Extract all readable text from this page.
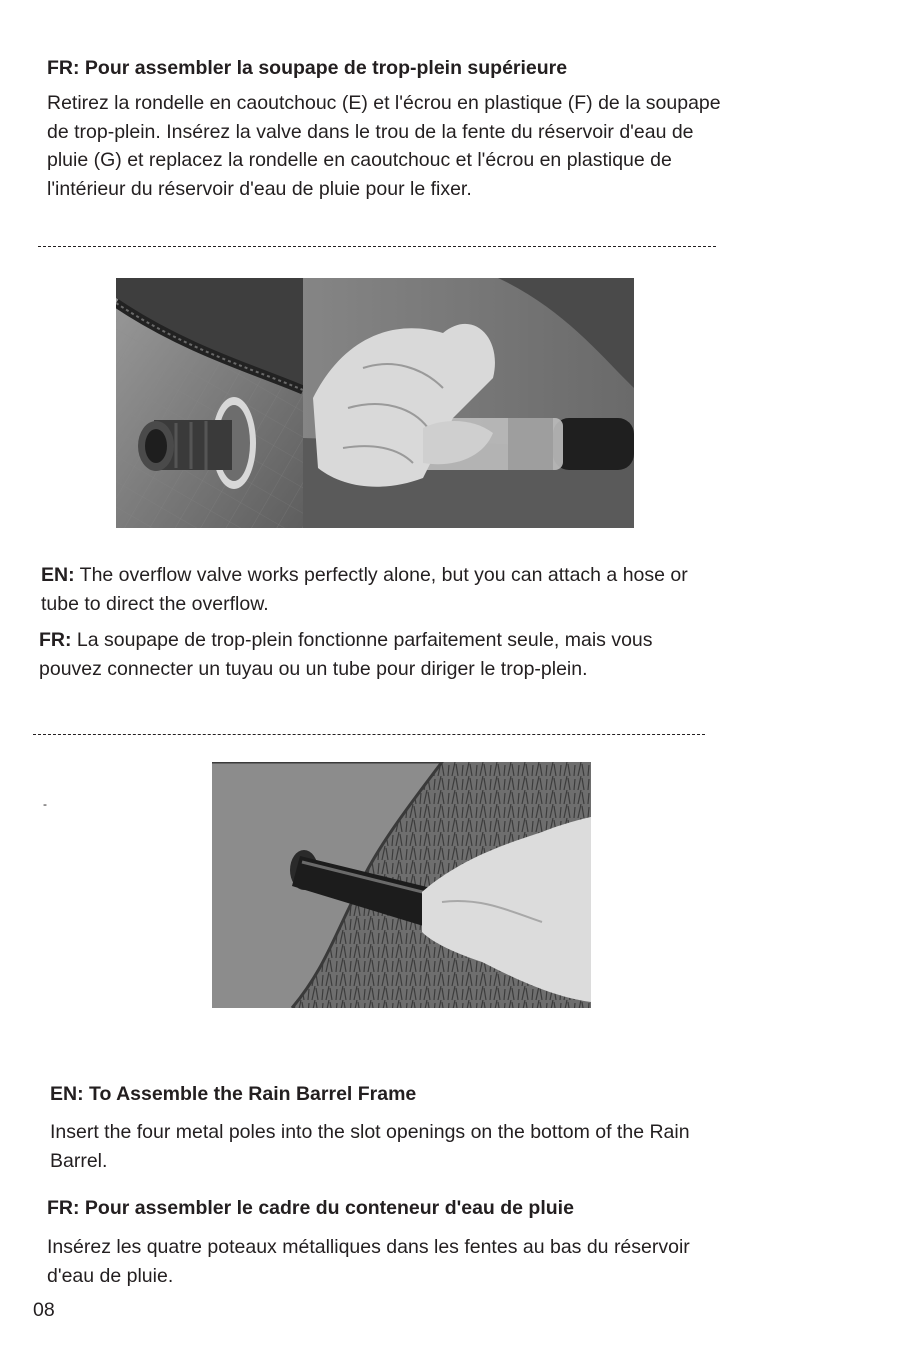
FR: Pour assembler la soupape de trop-plein supérieure
Retirez la rondelle en caoutchouc (E) et l'écrou en plastique (F) de la soupape de trop-plein. Insérez la valve dans le trou de la fente du réservoir d'eau de pluie (G) et replacez la rondelle en caoutchouc et l'écrou en plastique de l'intérieur du réservoir d'eau de pluie pour le fixer.
EN: The overflow valve works perfectly alone, but you can attach a hose or tube to direct the overflow.
FR: La soupape de trop-plein fonctionne parfaitement seule, mais vous pouvez connecter un tuyau ou un tube pour diriger le trop-plein.
-
EN: To Assemble the Rain Barrel Frame
Insert the four metal poles into the slot openings on the bottom of the Rain Barrel.
FR: Pour assembler le cadre du conteneur d'eau de pluie
Insérez les quatre poteaux métalliques dans les fentes au bas du réservoir d'eau de pluie.
08
